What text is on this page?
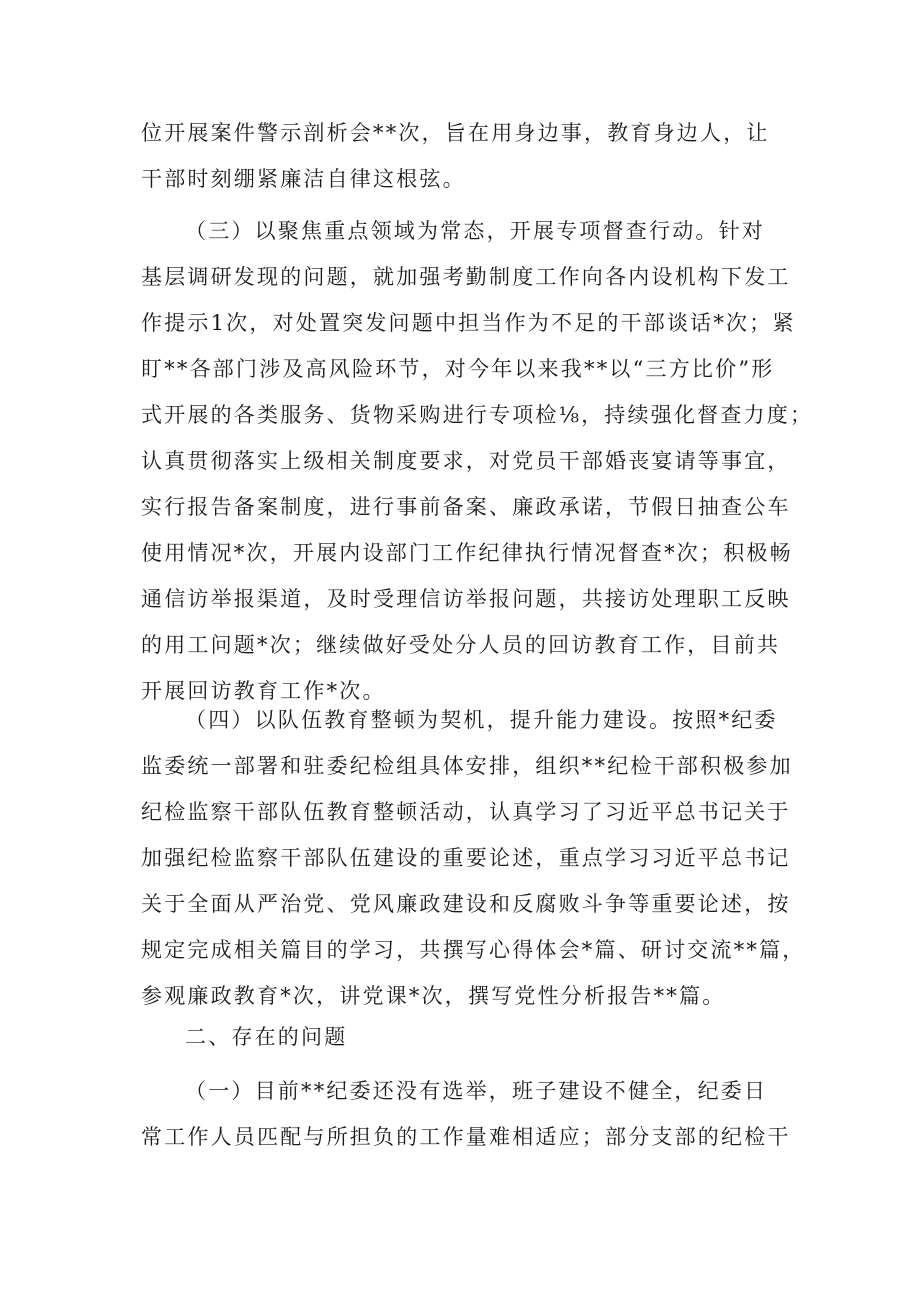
位开展案件警示剖析会**次，旨在用身边事，教育身边人，让
干部时刻绷紧廉洁自律这根弦。
（三）以聚焦重点领域为常态，开展专项督查行动。针对
基层调研发现的问题，就加强考勤制度工作向各内设机构下发工
作提示1次，对处置突发问题中担当作为不足的干部谈话*次；紧
盯**各部门涉及高风险环节，对今年以来我**以“三方比价”形
式开展的各类服务、货物采购进行专项检⅛，持续强化督查力度；
认真贯彻落实上级相关制度要求，对党员干部婚丧宴请等事宜，
实行报告备案制度，进行事前备案、廉政承诺，节假日抽查公车
使用情况*次，开展内设部门工作纪律执行情况督查*次；积极畅
通信访举报渠道，及时受理信访举报问题，共接访处理职工反映
的用工问题*次；继续做好受处分人员的回访教育工作，目前共
开展回访教育工作*次。
（四）以队伍教育整顿为契机，提升能力建设。按照*纪委
监委统一部署和驻委纪检组具体安排，组织**纪检干部积极参加
纪检监察干部队伍教育整顿活动，认真学习了习近平总书记关于
加强纪检监察干部队伍建设的重要论述，重点学习习近平总书记
关于全面从严治党、党风廉政建设和反腐败斗争等重要论述，按
规定完成相关篇目的学习，共撰写心得体会*篇、研讨交流**篇，
参观廉政教育*次，讲党课*次，撰写党性分析报告**篇。
二、存在的问题
（一）目前**纪委还没有选举，班子建设不健全，纪委日
常工作人员匹配与所担负的工作量难相适应；部分支部的纪检干
